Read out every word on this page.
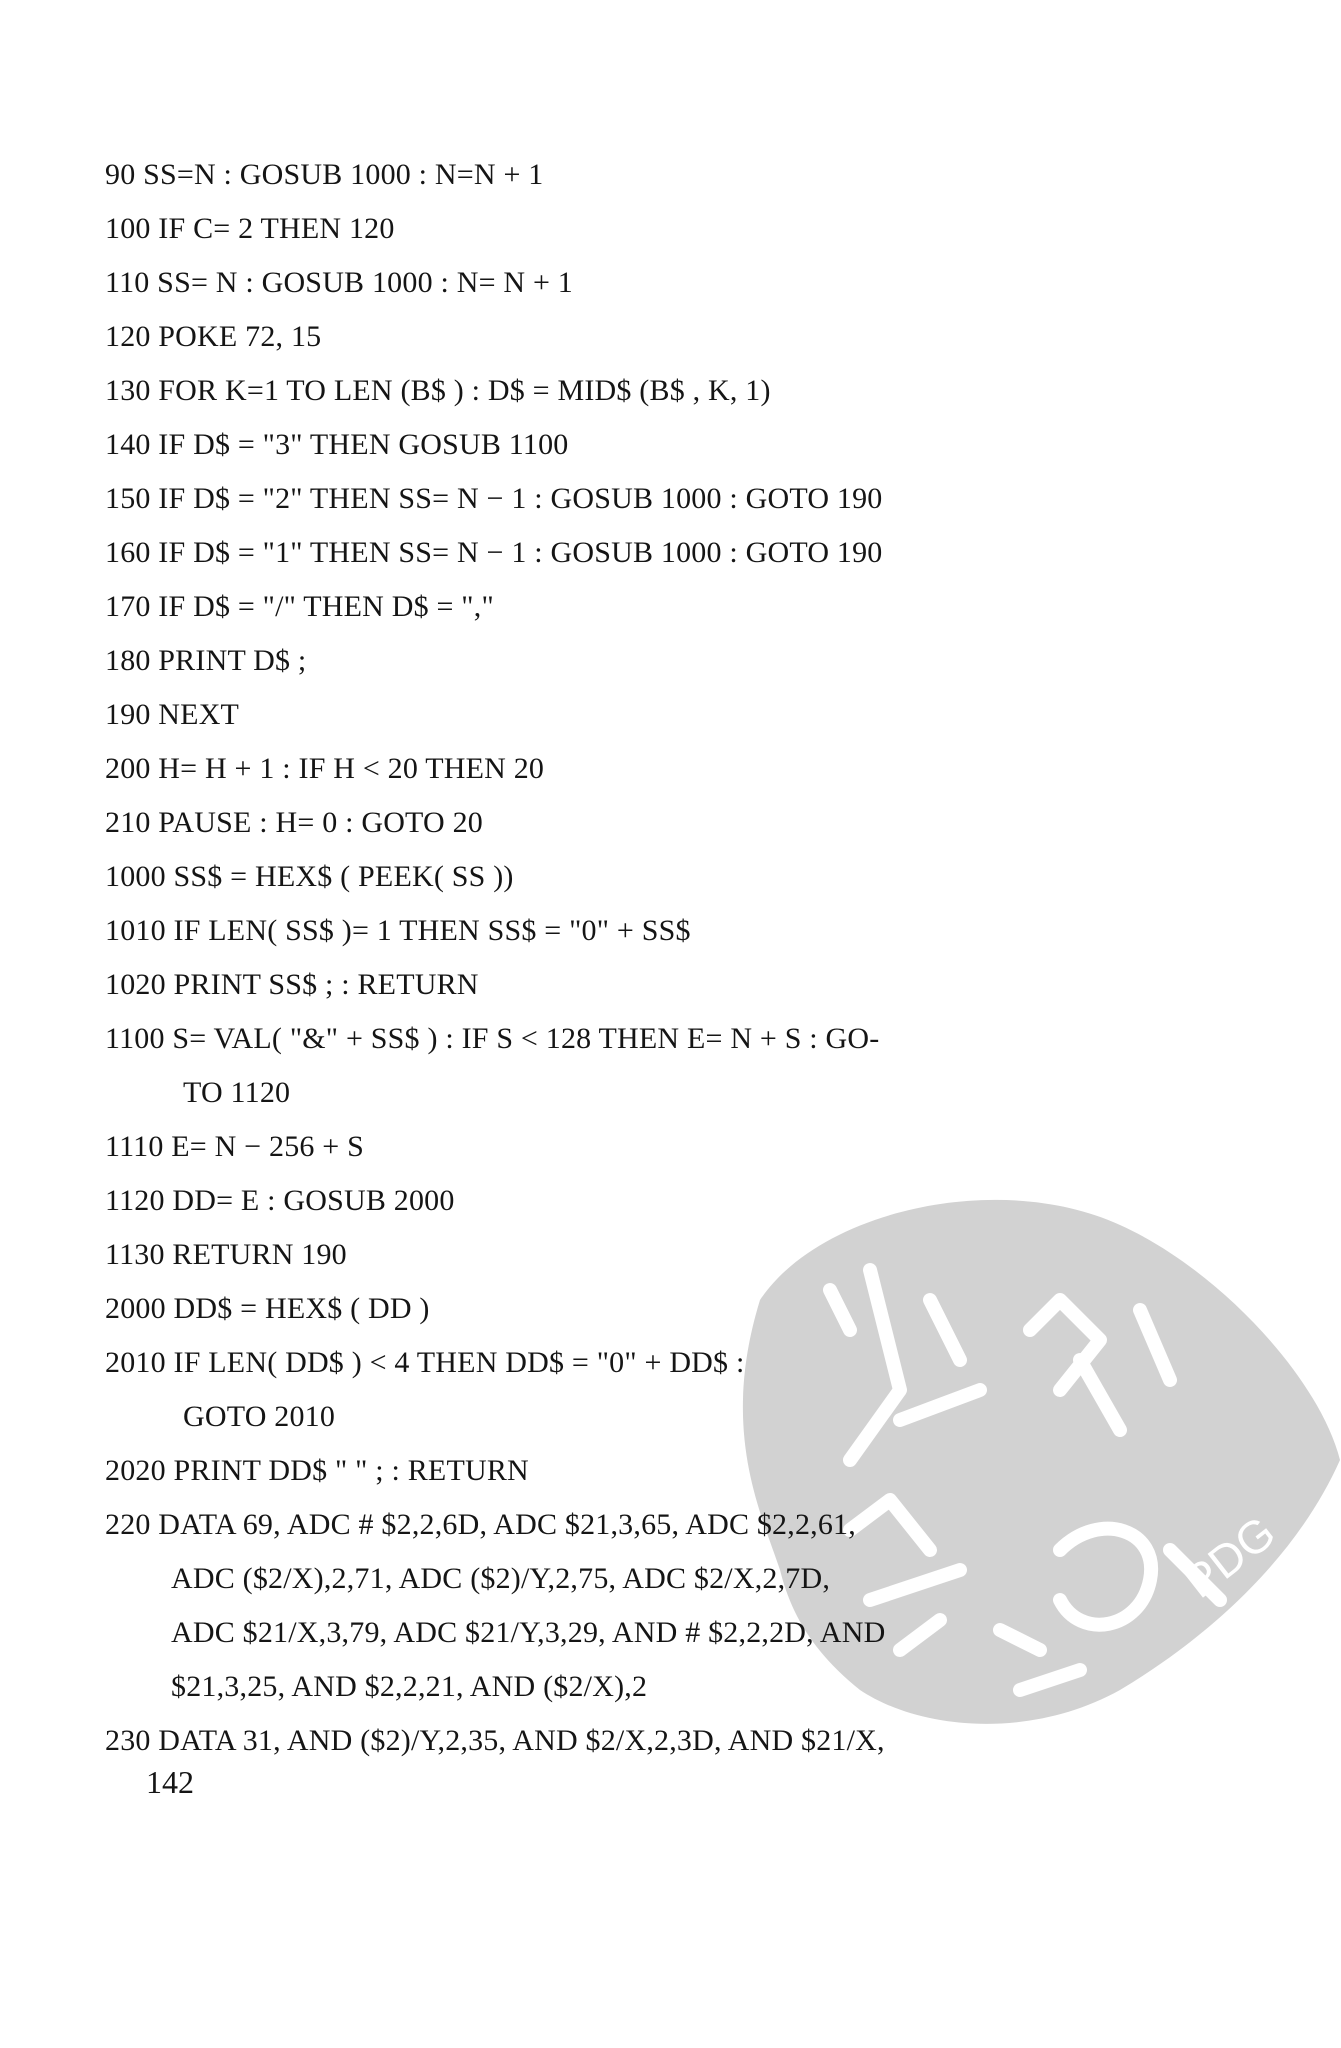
PDG
90 SS=N : GOSUB 1000 : N=N + 1
100 IF C= 2 THEN 120
110 SS= N : GOSUB 1000 : N= N + 1
120 POKE 72, 15
130 FOR K=1 TO LEN (B$ ) : D$ = MID$ (B$ , K, 1)
140 IF D$ = "3" THEN GOSUB 1100
150 IF D$ = "2" THEN SS= N − 1 : GOSUB 1000 : GOTO 190
160 IF D$ = "1" THEN SS= N − 1 : GOSUB 1000 : GOTO 190
170 IF D$ = "/" THEN D$ = ","
180 PRINT D$ ;
190 NEXT
200 H= H + 1 : IF H < 20 THEN 20
210 PAUSE : H= 0 : GOTO 20
1000 SS$ = HEX$ ( PEEK( SS ))
1010 IF LEN( SS$ )= 1 THEN SS$ = "0" + SS$
1020 PRINT SS$ ; : RETURN
1100 S= VAL( "&" + SS$ ) : IF S < 128 THEN E= N + S : GO-
TO 1120
1110 E= N − 256 + S
1120 DD= E : GOSUB 2000
1130 RETURN 190
2000 DD$ = HEX$ ( DD )
2010 IF LEN( DD$ ) < 4 THEN DD$ = "0" + DD$ :
GOTO 2010
2020 PRINT DD$ " " ; : RETURN
220 DATA 69, ADC # $2,2,6D, ADC $21,3,65, ADC $2,2,61,
ADC ($2/X),2,71, ADC ($2)/Y,2,75, ADC $2/X,2,7D,
ADC $21/X,3,79, ADC $21/Y,3,29, AND # $2,2,2D, AND
$21,3,25, AND $2,2,21, AND ($2/X),2
230 DATA 31, AND ($2)/Y,2,35, AND $2/X,2,3D, AND $21/X,
142
